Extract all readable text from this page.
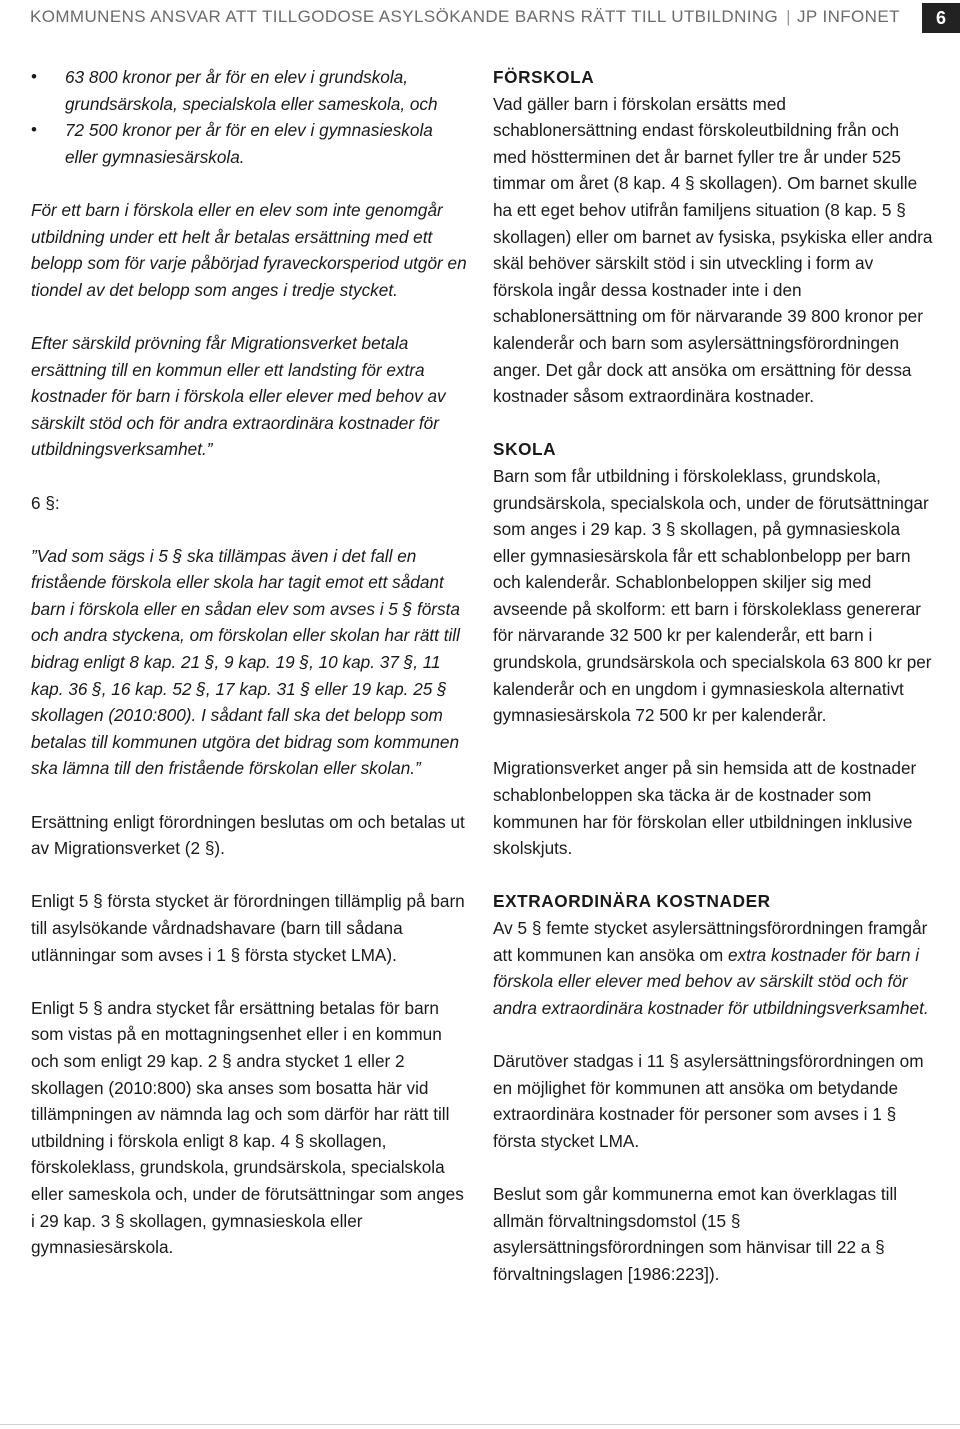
KOMMUNENS ANSVAR ATT TILLGODOSE ASYLSÖKANDE BARNS RÄTT TILL UTBILDNING | JP INFONET	6
• 63 800 kronor per år för en elev i grundskola, grundsärskola, specialskola eller sameskola, och
• 72 500 kronor per år för en elev i gymnasieskola eller gymnasiesärskola.

För ett barn i förskola eller en elev som inte genomgår utbildning under ett helt år betalas ersättning med ett belopp som för varje påbörjad fyraveckorsperiod utgör en tiondel av det belopp som anges i tredje stycket.

Efter särskild prövning får Migrationsverket betala ersättning till en kommun eller ett landsting för extra kostnader för barn i förskola eller elever med behov av särskilt stöd och för andra extraordinära kostnader för utbildningsverksamhet.”

6 §:

”Vad som sägs i 5 § ska tillämpas även i det fall en fristående förskola eller skola har tagit emot ett sådant barn i förskola eller en sådan elev som avses i 5 § första och andra styckena, om förskolan eller skolan har rätt till bidrag enligt 8 kap. 21 §, 9 kap. 19 §, 10 kap. 37 §, 11 kap. 36 §, 16 kap. 52 §, 17 kap. 31 § eller 19 kap. 25 § skollagen (2010:800). I sådant fall ska det belopp som betalas till kommunen utgöra det bidrag som kommunen ska lämna till den fristående förskolan eller skolan.”

Ersättning enligt förordningen beslutas om och betalas ut av Migrationsverket (2 §).

Enligt 5 § första stycket är förordningen tillämplig på barn till asylsökande vårdnadshavare (barn till sådana utlänningar som avses i 1 § första stycket LMA).

Enligt 5 § andra stycket får ersättning betalas för barn som vistas på en mottagningsenhet eller i en kommun och som enligt 29 kap. 2 § andra stycket 1 eller 2 skollagen (2010:800) ska anses som bosatta här vid tillämpningen av nämnda lag och som därför har rätt till utbildning i förskola enligt 8 kap. 4 § skollagen, förskoleklass, grundskola, grundsärskola, specialskola eller sameskola och, under de förutsättningar som anges i 29 kap. 3 § skollagen, gymnasieskola eller gymnasiesärskola.

FÖRSKOLA

Vad gäller barn i förskolan ersätts med schablonersättning endast förskoleutbildning från och med höstterminen det år barnet fyller tre år under 525 timmar om året (8 kap. 4 § skollagen). Om barnet skulle ha ett eget behov utifrån familjens situation (8 kap. 5 § skollagen) eller om barnet av fysiska, psykiska eller andra skäl behöver särskilt stöd i sin utveckling i form av förskola ingår dessa kostnader inte i den schablonersättning om för närvarande 39 800 kronor per kalenderår och barn som asylersättningsförordningen anger. Det går dock att ansöka om ersättning för dessa kostnader såsom extraordinära kostnader.

SKOLA

Barn som får utbildning i förskoleklass, grundskola, grundsärskola, specialskola och, under de förutsättningar som anges i 29 kap. 3 § skollagen, på gymnasieskola eller gymnasiesärskola får ett schablonbelopp per barn och kalenderår. Schablonbeloppen skiljer sig med avseende på skolform: ett barn i förskoleklass genererar för närvarande 32 500 kr per kalenderår, ett barn i grundskola, grundsärskola och specialskola 63 800 kr per kalenderår och en ungdom i gymnasieskola alternativt gymnasiesärskola 72 500 kr per kalenderår.

Migrationsverket anger på sin hemsida att de kostnader schablonbeloppen ska täcka är de kostnader som kommunen har för förskolan eller utbildningen inklusive skolskjuts.

EXTRAORDINÄRA KOSTNADER

Av 5 § femte stycket asylersättningsförordningen framgår att kommunen kan ansöka om extra kostnader för barn i förskola eller elever med behov av särskilt stöd och för andra extraordinära kostnader för utbildningsverksamhet.

Därutöver stadgas i 11 § asylersättningsförordningen om en möjlighet för kommunen att ansöka om betydande extraordinära kostnader för personer som avses i 1 § första stycket LMA.

Beslut som går kommunerna emot kan överklagas till allmän förvaltningsdomstol (15 § asylersättningsförordningen som hänvisar till 22 a § förvaltningslagen [1986:223]).
